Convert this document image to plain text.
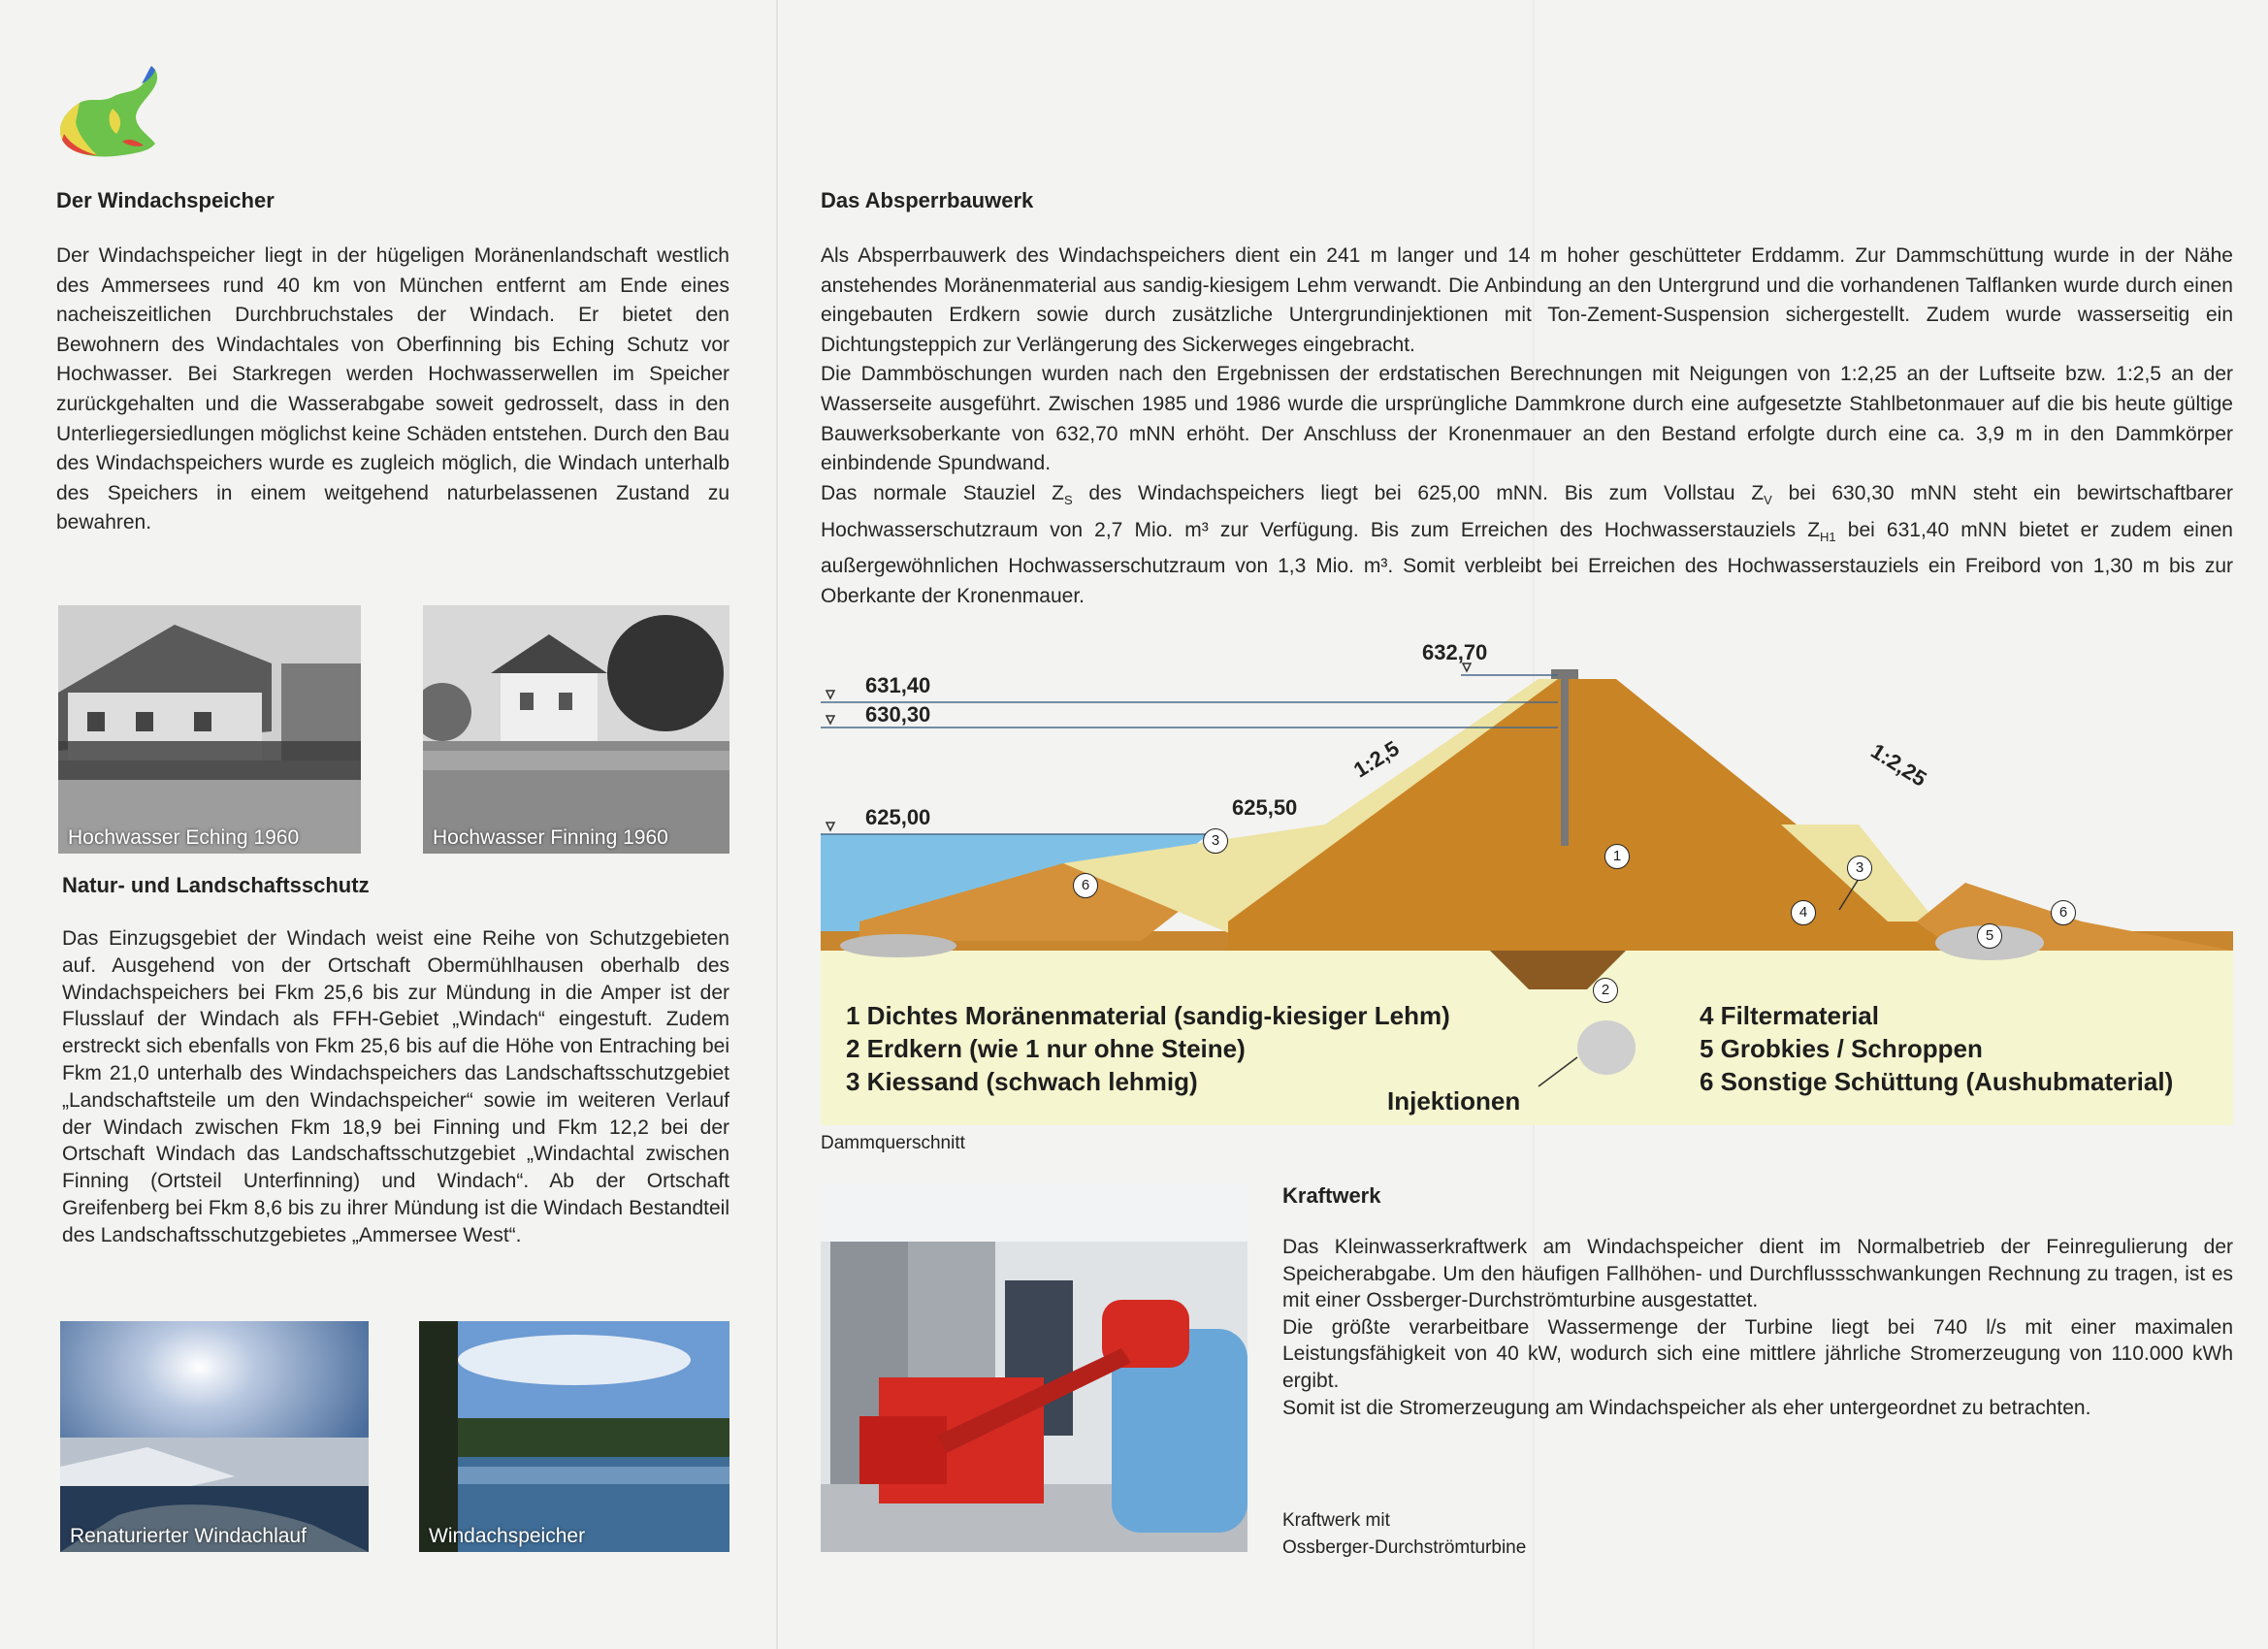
Der Windachspeicher
Der Windachspeicher liegt in der hügeligen Moränenlandschaft westlich des Ammersees rund 40 km von München entfernt am Ende eines nacheiszeitlichen Durchbruchstales der Windach. Er bietet den Bewohnern des Windachtales von Oberfinning bis Eching Schutz vor Hochwasser. Bei Starkregen werden Hochwasserwellen im Speicher zurückgehalten und die Wasserabgabe soweit gedrosselt, dass in den Unterliegersiedlungen möglichst keine Schäden entstehen. Durch den Bau des Windachspeichers wurde es zugleich möglich, die Windach unterhalb des Speichers in einem weitgehend naturbelassenen Zustand zu bewahren.
Hochwasser Eching 1960	Hochwasser Finning 1960
Natur- und Landschaftsschutz
Das Einzugsgebiet der Windach weist eine Reihe von Schutzgebieten auf. Ausgehend von der Ortschaft Obermühlhausen oberhalb des Windachspeichers bei Fkm 25,6 bis zur Mündung in die Amper ist der Flusslauf der Windach als FFH-Gebiet „Windach“ eingestuft. Zudem erstreckt sich ebenfalls von Fkm 25,6 bis auf die Höhe von Entraching bei Fkm 21,0 unterhalb des Windachspeichers das Landschaftsschutzgebiet „Landschaftsteile um den Windachspeicher“ sowie im weiteren Verlauf der Windach zwischen Fkm 18,9 bei Finning und Fkm 12,2 bei der Ortschaft Windach das Landschaftsschutzgebiet „Windachtal zwischen Finning (Ortsteil Unterfinning) und Windach“. Ab der Ortschaft Greifenberg bei Fkm 8,6 bis zu ihrer Mündung ist die Windach Bestandteil des Landschaftsschutzgebietes „Ammersee West“.
Renaturierter Windachlauf	Windachspeicher
Das Absperrbauwerk
Als Absperrbauwerk des Windachspeichers dient ein 241 m langer und 14 m hoher geschütteter Erddamm. Zur Dammschüttung wurde in der Nähe anstehendes Moränenmaterial aus sandig-kiesigem Lehm verwandt. Die Anbindung an den Untergrund und die vorhandenen Talflanken wurde durch einen eingebauten Erdkern sowie durch zusätzliche Untergrundinjektionen mit Ton-Zement-Suspension sichergestellt. Zudem wurde wasserseitig ein Dichtungsteppich zur Verlängerung des Sickerweges eingebracht.
Die Dammböschungen wurden nach den Ergebnissen der erdstatischen Berechnungen mit Neigungen von 1:2,25 an der Luftseite bzw. 1:2,5 an der Wasserseite ausgeführt. Zwischen 1985 und 1986 wurde die ursprüngliche Dammkrone durch eine aufgesetzte Stahlbetonmauer auf die bis heute gültige Bauwerksoberkante von 632,70 mNN erhöht. Der Anschluss der Kronenmauer an den Bestand erfolgte durch eine ca. 3,9 m in den Dammkörper einbindende Spundwand.
Das normale Stauziel $Z_S$ des Windachspeichers liegt bei 625,00 mNN. Bis zum Vollstau $Z_V$ bei 630,30 mNN steht ein bewirtschaftbarer Hochwasserschutzraum von 2,7 Mio. m³ zur Verfügung. Bis zum Erreichen des Hochwasserstauziels $Z_{H1}$ bei 631,40 mNN bietet er zudem einen außergewöhnlichen Hochwasserschutzraum von 1,3 Mio. m³. Somit verbleibt bei Erreichen des Hochwasserstauziels ein Freibord von 1,30 m bis zur Oberkante der Kronenmauer.
631,40
630,30
625,00	625,50
632,70
1:2,5	1:2,25
6
3
1
3
4
5
6
2
1 Dichtes Moränenmaterial (sandig-kiesiger Lehm)
2 Erdkern (wie 1 nur ohne Steine)
3 Kiessand (schwach lehmig)
4 Filtermaterial
5 Grobkies / Schroppen
6 Sonstige Schüttung (Aushubmaterial)
Injektionen
Dammquerschnitt
Kraftwerk
Das Kleinwasserkraftwerk am Windachspeicher dient im Normalbetrieb der Feinregulierung der Speicherabgabe. Um den häufigen Fallhöhen- und Durchflussschwankungen Rechnung zu tragen, ist es mit einer Ossberger-Durchströmturbine ausgestattet.
Die größte verarbeitbare Wassermenge der Turbine liegt bei 740 l/s mit einer maximalen Leistungsfähigkeit von 40 kW, wodurch sich eine mittlere jährliche Stromerzeugung von 110.000 kWh ergibt.
Somit ist die Stromerzeugung am Windachspeicher als eher untergeordnet zu betrachten.
Kraftwerk mit
Ossberger-Durchströmturbine
